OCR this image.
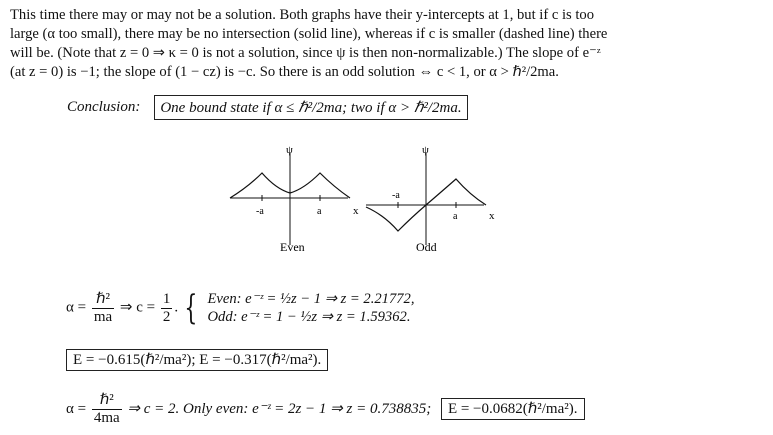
This time there may or may not be a solution. Both graphs have their y-intercepts at 1, but if c is too
large (α too small), there may be no intersection (solid line), whereas if c is smaller (dashed line) there
will be. (Note that z = 0 ⇒ κ = 0 is not a solution, since ψ is then non-normalizable.) The slope of e⁻ᶻ
(at z = 0) is −1; the slope of (1 − cz) is −c. So there is an odd solution ⇔ c < 1, or α > ℏ²/2ma.
Conclusion:	One bound state if α ≤ ℏ²/2ma; two if α > ℏ²/2ma.
ψ
x
-a	a
Even
ψ
x
-a
a
Odd
$\alpha = \frac{\text{ℏ²}}{ma}$ ⇒ $c = \frac{1}{2}$ . { Even: e⁻ᶻ = ½z − 1 ⇒ z = 2.21772,
Odd: e⁻ᶻ = 1 − ½z ⇒ z = 1.59362.
E = −0.615(ℏ²/ma²); E = −0.317(ℏ²/ma²).
$\alpha = \frac{\text{ℏ²}}{4ma}$ ⇒ c = 2. Only even: e⁻ᶻ = 2z − 1 ⇒ z = 0.738835; E = −0.0682(ℏ²/ma²).
